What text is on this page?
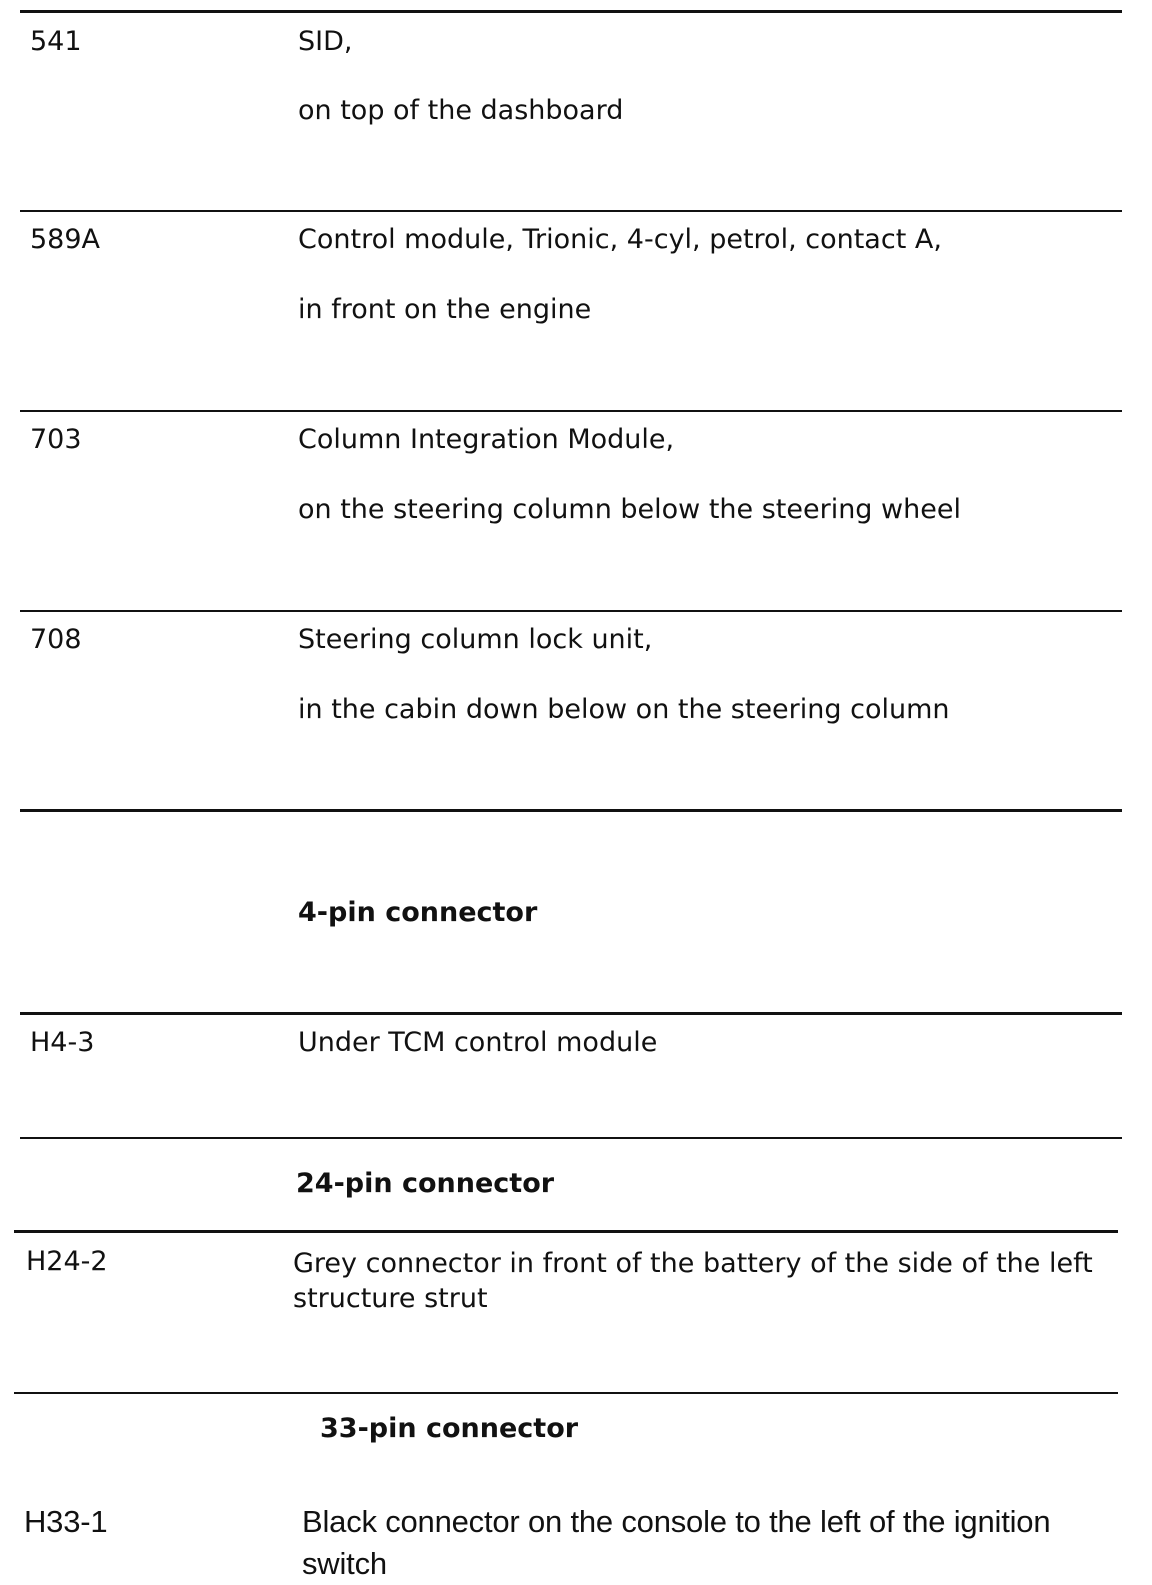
541	SID,
on top of the dashboard
589A	Control module, Trionic, 4-cyl, petrol, contact A,
in front on the engine
703	Column Integration Module,
on the steering column below the steering wheel
708	Steering column lock unit,
in the cabin down below on the steering column
4-pin connector
H4-3	Under TCM control module
24-pin connector
H24-2	Grey connector in front of the battery of the side of the left structure strut
33-pin connector
H33-1	Black connector on the console to the left of the ignition switch
